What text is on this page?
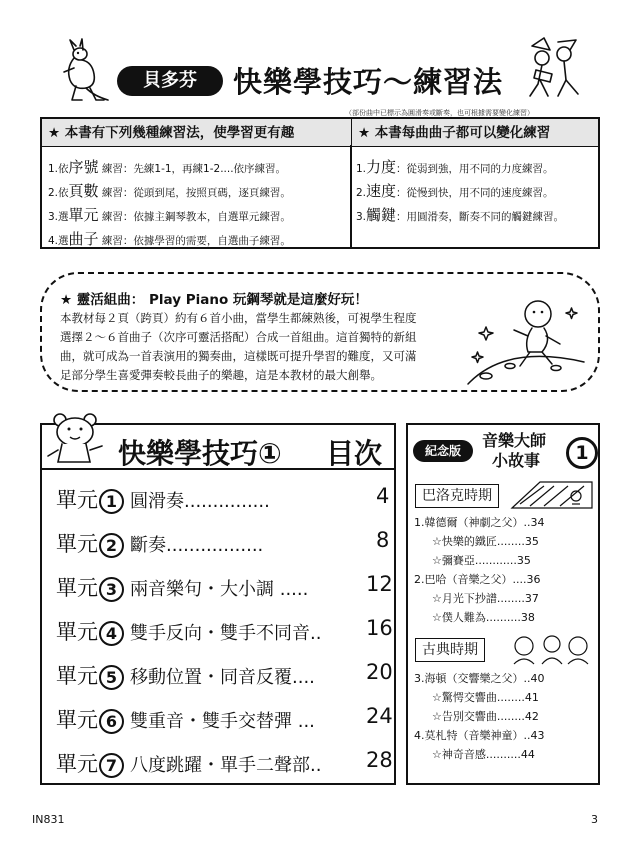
貝多芬	快樂學技巧～練習法
★ 本書有下列幾種練習法，使學習更有趣	★ 本書每曲曲子都可以變化練習
1.依序號 練習：先練1-1，再練1-2....依序練習。
2.依頁數 練習：從頭到尾，按照頁碼，逐頁練習。
3.選單元 練習：依據主鋼琴教本，自選單元練習。
4.選曲子 練習：依據學習的需要，自選曲子練習。
1.力度：從弱到強，用不同的力度練習。
2.速度：從慢到快，用不同的速度練習。
3.觸鍵：用圓滑奏，斷奏不同的觸鍵練習。
（部份曲中已標示為圓滑奏或斷奏，也可根據需要變化練習）
★ 靈活組曲： Play Piano 玩鋼琴就是這麼好玩！
本教材每２頁（跨頁）約有６首小曲，當學生都練熟後，可視學生程度
選擇２～６首曲子（次序可靈活搭配）合成一首組曲。這首獨特的新組
曲，就可成為一首表演用的獨奏曲，這樣既可提升學習的難度，又可滿
足部分學生喜愛彈奏較長曲子的樂趣，這是本教材的最大創舉。
快樂學技巧① 目次
單元 1 圓滑奏...............	4
單元 2 斷奏.................	8
單元 3 兩音樂句・大小調 .....	12
單元 4 雙手反向・雙手不同音.. 16
單元 5 移動位置・同音反覆.... 20
單元 6 雙重音・雙手交替彈 ... 24
單元 7 八度跳躍・單手二聲部.. 28
紀念版
音樂大師
小故事	1
巴洛克時期
1.韓德爾（神劇之父）..34
☆快樂的鐵匠........35
☆彌賽亞............35
2.巴哈（音樂之父）....36
☆月光下抄譜........37
☆僕人難為..........38
古典時期
3.海頓（交響樂之父）..40
☆驚愕交響曲........41
☆告別交響曲........42
4.莫札特（音樂神童）..43
☆神奇音感..........44
IN831	3
